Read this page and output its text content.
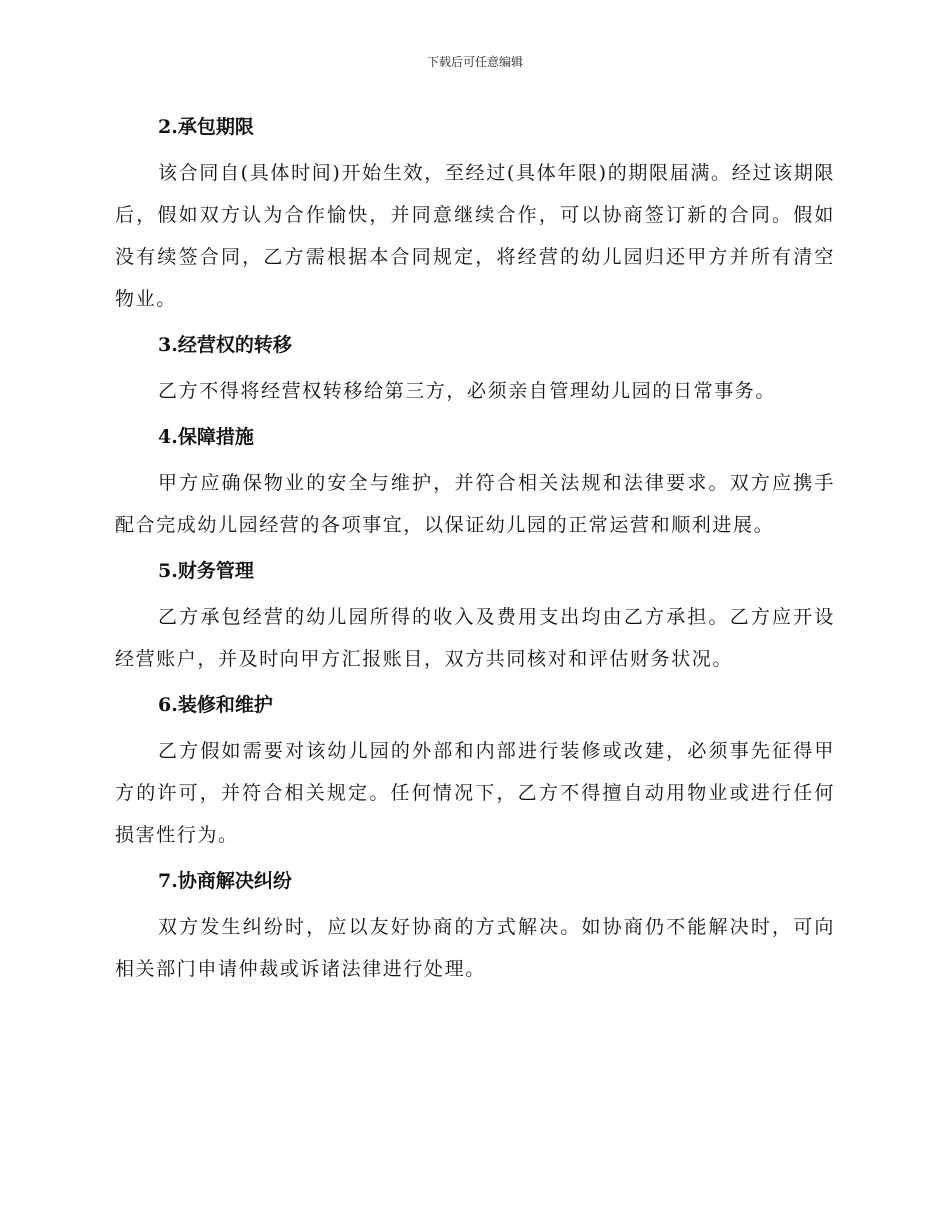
下载后可任意编辑
2.承包期限
该合同自(具体时间)开始生效，至经过(具体年限)的期限届满。经过该期限后，假如双方认为合作愉快，并同意继续合作，可以协商签订新的合同。假如没有续签合同，乙方需根据本合同规定，将经营的幼儿园归还甲方并所有清空物业。
3.经营权的转移
乙方不得将经营权转移给第三方，必须亲自管理幼儿园的日常事务。
4.保障措施
甲方应确保物业的安全与维护，并符合相关法规和法律要求。双方应携手配合完成幼儿园经营的各项事宜，以保证幼儿园的正常运营和顺利进展。
5.财务管理
乙方承包经营的幼儿园所得的收入及费用支出均由乙方承担。乙方应开设经营账户，并及时向甲方汇报账目，双方共同核对和评估财务状况。
6.装修和维护
乙方假如需要对该幼儿园的外部和内部进行装修或改建，必须事先征得甲方的许可，并符合相关规定。任何情况下，乙方不得擅自动用物业或进行任何损害性行为。
7.协商解决纠纷
双方发生纠纷时，应以友好协商的方式解决。如协商仍不能解决时，可向相关部门申请仲裁或诉诸法律进行处理。
